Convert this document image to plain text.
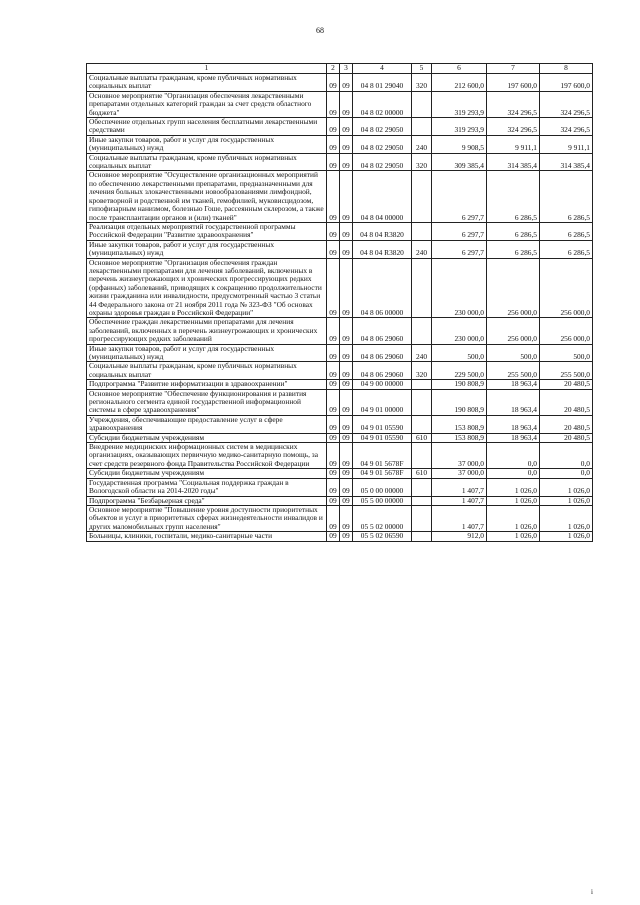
68
1	2	3	4	5	6	7	8
Социальные выплаты гражданам, кроме публичных нормативных социальных выплат	09	09	04 8 01 29040	320	212 600,0	197 600,0	197 600,0
Основное мероприятие "Организация обеспечения лекарственными препаратами отдельных категорий граждан за счет средств областного бюджета"	09	09	04 8 02 00000		319 293,9	324 296,5	324 296,5
Обеспечение отдельных групп населения бесплатными лекарственными средствами	09	09	04 8 02 29050		319 293,9	324 296,5	324 296,5
Иные закупки товаров, работ и услуг для государственных (муниципальных) нужд	09	09	04 8 02 29050	240	9 908,5	9 911,1	9 911,1
Социальные выплаты гражданам, кроме публичных нормативных социальных выплат	09	09	04 8 02 29050	320	309 385,4	314 385,4	314 385,4
Основное мероприятие "Осуществление организационных мероприятий по обеспечению лекарственными препаратами, предназначенными для лечения больных злокачественными новообразованиями лимфоидной, кроветворной и родственной им тканей, гемофилией, муковисцидозом, гипофизарным нанизмом, болезнью Гоше, рассеянным склерозом, а также после трансплантации органов и (или) тканей"	09	09	04 8 04 00000		6 297,7	6 286,5	6 286,5
Реализация отдельных мероприятий государственной программы Российской Федерации "Развитие здравоохранения"	09	09	04 8 04 R3820		6 297,7	6 286,5	6 286,5
Иные закупки товаров, работ и услуг для государственных (муниципальных) нужд	09	09	04 8 04 R3820	240	6 297,7	6 286,5	6 286,5
Основное мероприятие "Организация обеспечения граждан лекарственными препаратами для лечения заболеваний, включенных в перечень жизнеугрожающих и хронических прогрессирующих редких (орфанных) заболеваний, приводящих к сокращению продолжительности жизни гражданина или инвалидности, предусмотренный частью 3 статьи 44 Федерального закона от 21 ноября 2011 года № 323-ФЗ "Об основах охраны здоровья граждан в Российской Федерации"	09	09	04 8 06 00000		230 000,0	256 000,0	256 000,0
Обеспечение граждан лекарственными препаратами для лечения заболеваний, включенных в перечень жизнеугрожающих и хронических прогрессирующих редких заболеваний	09	09	04 8 06 29060		230 000,0	256 000,0	256 000,0
Иные закупки товаров, работ и услуг для государственных (муниципальных) нужд	09	09	04 8 06 29060	240	500,0	500,0	500,0
Социальные выплаты гражданам, кроме публичных нормативных социальных выплат	09	09	04 8 06 29060	320	229 500,0	255 500,0	255 500,0
Подпрограмма "Развитие информатизации в здравоохранении"	09	09	04 9 00 00000		190 808,9	18 963,4	20 480,5
Основное мероприятие "Обеспечение функционирования и развития регионального сегмента единой государственной информационной системы в сфере здравоохранения"	09	09	04 9 01 00000		190 808,9	18 963,4	20 480,5
Учреждения, обеспечивающие предоставление услуг в сфере здравоохранения	09	09	04 9 01 05590		153 808,9	18 963,4	20 480,5
Субсидии бюджетным учреждениям	09	09	04 9 01 05590	610	153 808,9	18 963,4	20 480,5
Внедрение медицинских информационных систем в медицинских организациях, оказывающих первичную медико-санитарную помощь, за счет средств резервного фонда Правительства Российской Федерации	09	09	04 9 01 5678F		37 000,0	0,0	0,0
Субсидии бюджетным учреждениям	09	09	04 9 01 5678F	610	37 000,0	0,0	0,0
Государственная программа "Социальная поддержка граждан в Вологодской области на 2014-2020 годы"	09	09	05 0 00 00000		1 407,7	1 026,0	1 026,0
Подпрограмма "Безбарьерная среда"	09	09	05 5 00 00000		1 407,7	1 026,0	1 026,0
Основное мероприятие "Повышение уровня доступности приоритетных объектов и услуг в приоритетных сферах жизнедеятельности инвалидов и других маломобильных групп населения"	09	09	05 5 02 00000		1 407,7	1 026,0	1 026,0
Больницы, клиники, госпитали, медико-санитарные части	09	09	05 5 02 06590		912,0	1 026,0	1 026,0
i
